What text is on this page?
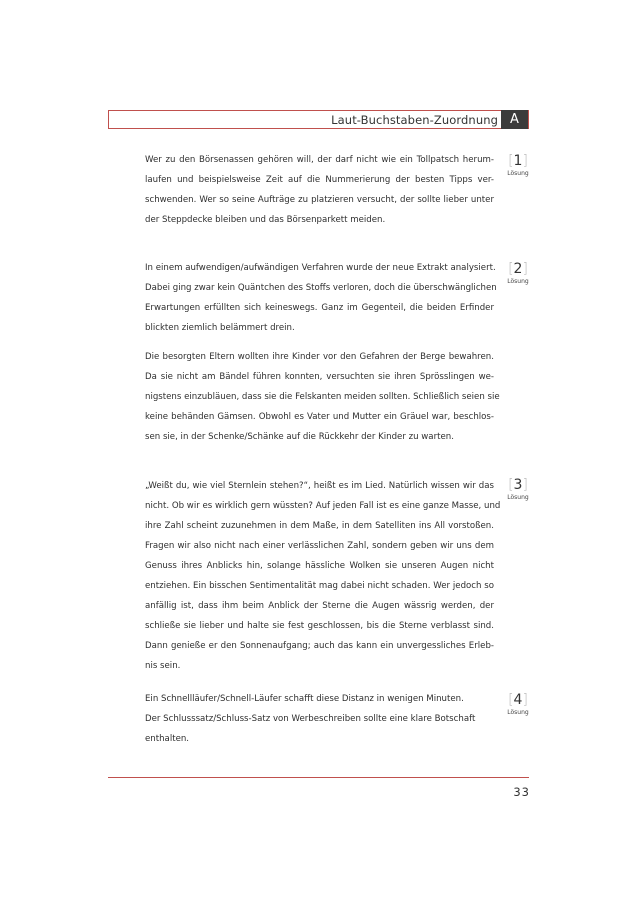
Laut-Buchstaben-Zuordnung A
Wer zu den Börsenassen gehören will, der darf nicht wie ein Tollpatsch herum-
laufen und beispielsweise Zeit auf die Nummerierung der besten Tipps ver-
schwenden. Wer so seine Aufträge zu platzieren versucht, der sollte lieber unter
der Steppdecke bleiben und das Börsenparkett meiden.
[1]
Lösung
In einem aufwendigen/aufwändigen Verfahren wurde der neue Extrakt analysiert.
Dabei ging zwar kein Quäntchen des Stoffs verloren, doch die überschwänglichen
Erwartungen erfüllten sich keineswegs. Ganz im Gegenteil, die beiden Erfinder
blickten ziemlich belämmert drein.
[2]
Lösung
Die besorgten Eltern wollten ihre Kinder vor den Gefahren der Berge bewahren.
Da sie nicht am Bändel führen konnten, versuchten sie ihren Sprösslingen we-
nigstens einzubläuen, dass sie die Felskanten meiden sollten. Schließlich seien sie
keine behänden Gämsen. Obwohl es Vater und Mutter ein Gräuel war, beschlos-
sen sie, in der Schenke/Schänke auf die Rückkehr der Kinder zu warten.
„Weißt du, wie viel Sternlein stehen?“, heißt es im Lied. Natürlich wissen wir das
nicht. Ob wir es wirklich gern wüssten? Auf jeden Fall ist es eine ganze Masse, und
ihre Zahl scheint zuzunehmen in dem Maße, in dem Satelliten ins All vorstoßen.
Fragen wir also nicht nach einer verlässlichen Zahl, sondern geben wir uns dem
Genuss ihres Anblicks hin, solange hässliche Wolken sie unseren Augen nicht
entziehen. Ein bisschen Sentimentalität mag dabei nicht schaden. Wer jedoch so
anfällig ist, dass ihm beim Anblick der Sterne die Augen wässrig werden, der
schließe sie lieber und halte sie fest geschlossen, bis die Sterne verblasst sind.
Dann genieße er den Sonnenaufgang; auch das kann ein unvergessliches Erleb-
nis sein.
[3]
Lösung
Ein Schnellläufer/Schnell-Läufer schafft diese Distanz in wenigen Minuten.
Der Schlusssatz/Schluss-Satz von Werbeschreiben sollte eine klare Botschaft
enthalten.
[4]
Lösung
33
